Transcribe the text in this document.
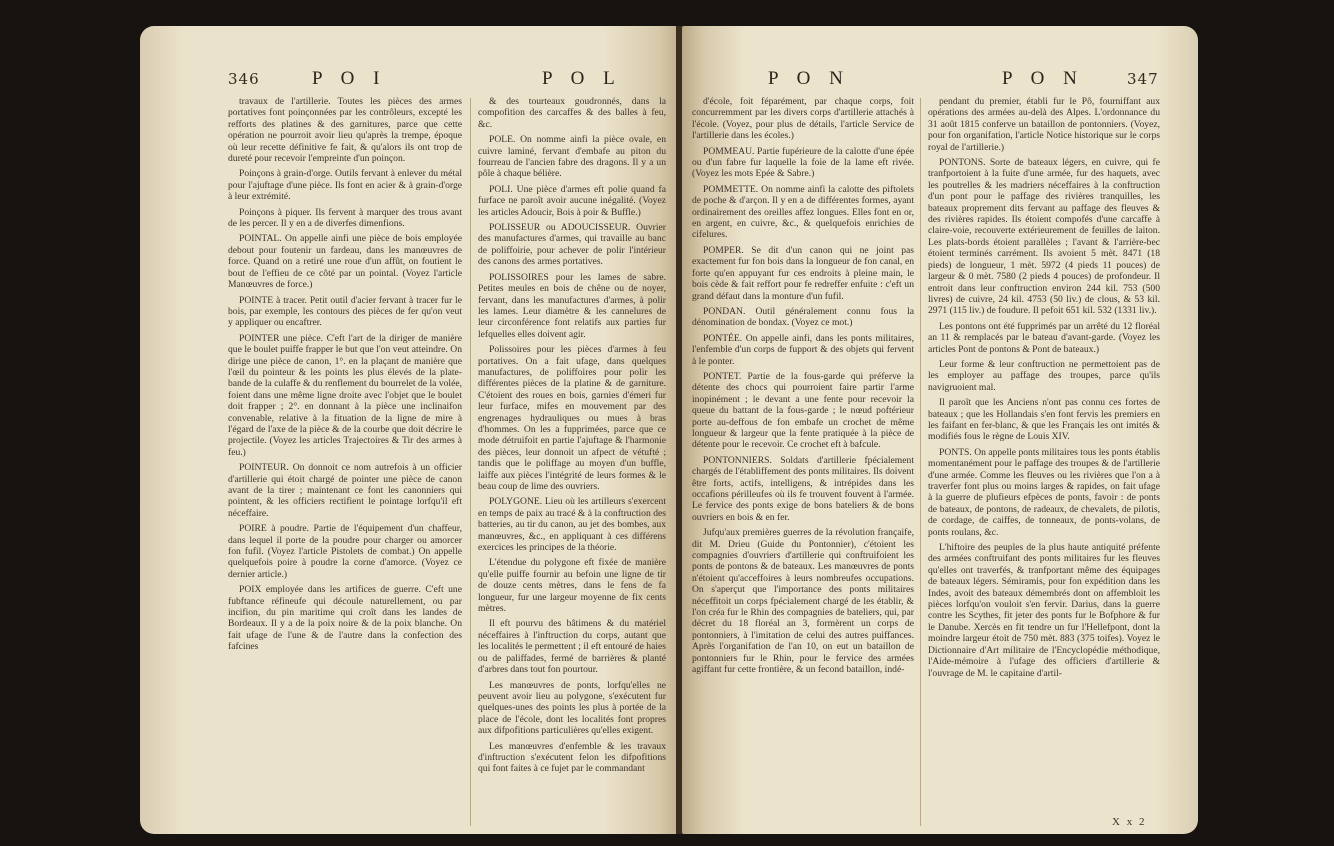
346	P O I	P O L

travaux de l'artillerie. Toutes les pièces des armes portatives font poinçonnées par les contrôleurs, excepté les refforts des platines & des garnitures, parce que cette opération ne pourroit avoir lieu qu'après la trempe, époque où leur recette définitive fe fait, & qu'alors ils ont trop de dureté pour recevoir l'empreinte d'un poinçon.

Poinçons à grain-d'orge. Outils fervant à enlever du métal pour l'ajuftage d'une pièce. Ils font en acier & à grain-d'orge à leur extrémité.

Poinçons à piquer. Ils fervent à marquer des trous avant de les percer. Il y en a de diverfes dimenfions.

POINTAL. On appelle ainfi une pièce de bois employée debout pour foutenir un fardeau, dans les manœuvres de force. Quand on a retiré une roue d'un affût, on foutient le bout de l'effieu de ce côté par un pointal. (Voyez l'article Manœuvres de force.)

POINTE à tracer. Petit outil d'acier fervant à tracer fur le bois, par exemple, les contours des pièces de fer qu'on veut y appliquer ou encaftrer.

POINTER une pièce. C'eft l'art de la diriger de manière que le boulet puiffe frapper le but que l'on veut atteindre. On dirige une pièce de canon, 1°. en la plaçant de manière que l'œil du pointeur & les points les plus élevés de la plate-bande de la culaffe & du renflement du bourrelet de la volée, foient dans une même ligne droite avec l'objet que le boulet doit frapper ; 2°. en donnant à la pièce une inclinaifon convenable, relative à la fituation de la ligne de mire à l'égard de l'axe de la pièce & de la courbe que doit décrire le projectile. (Voyez les articles Trajectoires & Tir des armes à feu.)

POINTEUR. On donnoit ce nom autrefois à un officier d'artillerie qui étoit chargé de pointer une pièce de canon avant de la tirer ; maintenant ce font les canonniers qui pointent, & les officiers rectifient le pointage lorfqu'il eft néceffaire.

POIRE à poudre. Partie de l'équipement d'un chaffeur, dans lequel il porte de la poudre pour charger ou amorcer fon fufil. (Voyez l'article Pistolets de combat.) On appelle quelquefois poire à poudre la corne d'amorce. (Voyez ce dernier article.)

POIX employée dans les artifices de guerre. C'eft une fubftance réfineufe qui découle naturellement, ou par incifion, du pin maritime qui croît dans les landes de Bordeaux. Il y a de la poix noire & de la poix blanche. On fait ufage de l'une & de l'autre dans la confection des fafcines

& des tourteaux goudronnés, dans la compofition des carcaffes & des balles à feu, &c.

POLE. On nomme ainfi la pièce ovale, en cuivre laminé, fervant d'embafe au piton du fourreau de l'ancien fabre des dragons. Il y a un pôle à chaque bélière.

POLI. Une pièce d'armes eft polie quand fa furface ne paroît avoir aucune inégalité. (Voyez les articles Adoucir, Bois à poir & Buffle.)

POLISSEUR ou ADOUCISSEUR. Ouvrier des manufactures d'armes, qui travaille au banc de poliffoirie, pour achever de polir l'intérieur des canons des armes portatives.

POLISSOIRES pour les lames de sabre. Petites meules en bois de chêne ou de noyer, fervant, dans les manufactures d'armes, à polir les lames. Leur diamètre & les cannelures de leur circonférence font relatifs aux parties fur lefquelles elles doivent agir.

Polissoires pour les pièces d'armes à feu portatives. On a fait ufage, dans quelques manufactures, de poliffoires pour polir les différentes pièces de la platine & de garniture. C'étoient des roues en bois, garnies d'émeri fur leur furface, mifes en mouvement par des engrenages hydrauliques ou mues à bras d'hommes. On les a fupprimées, parce que ce mode détruifoit en partie l'ajuftage & l'harmonie des pièces, leur donnoit un afpect de vétufté ; tandis que le poliffage au moyen d'un buffle, laiffe aux pièces l'intégrité de leurs formes & le beau coup de lime des ouvriers.

POLYGONE. Lieu où les artilleurs s'exercent en temps de paix au tracé & à la conftruction des batteries, au tir du canon, au jet des bombes, aux manœuvres, &c., en appliquant à ces différens exercices les principes de la théorie.

L'étendue du polygone eft fixée de manière qu'elle puiffe fournir au befoin une ligne de tir de douze cents mètres, dans le fens de fa longueur, fur une largeur moyenne de fix cents mètres.

Il eft pourvu des bâtimens & du matériel néceffaires à l'inftruction du corps, autant que les localités le permettent ; il eft entouré de haies ou de paliffades, fermé de barrières & planté d'arbres dans tout fon pourtour.

Les manœuvres de ponts, lorfqu'elles ne peuvent avoir lieu au polygone, s'exécutent fur quelques-unes des points les plus à portée de la place de l'école, dont les localités font propres aux difpofitions particulières qu'elles exigent.

Les manœuvres d'enfemble & les travaux d'inftruction s'exécutent felon les difpofitions qui font faites à ce fujet par le commandant

P O N	P O N	347

d'école, foit féparément, par chaque corps, foit concurremment par les divers corps d'artillerie attachés à l'école. (Voyez, pour plus de détails, l'article Service de l'artillerie dans les écoles.)

POMMEAU. Partie fupérieure de la calotte d'une épée ou d'un fabre fur laquelle la foie de la lame eft rivée. (Voyez les mots Epée & Sabre.)

POMMETTE. On nomme ainfi la calotte des piftolets de poche & d'arçon. Il y en a de différentes formes, ayant ordinairement des oreilles affez longues. Elles font en or, en argent, en cuivre, &c., & quelquefois enrichies de cifelures.

POMPER. Se dit d'un canon qui ne joint pas exactement fur fon bois dans la longueur de fon canal, en forte qu'en appuyant fur ces endroits à pleine main, le bois cède & fait reffort pour fe redreffer enfuite : c'eft un grand défaut dans la monture d'un fufil.

PONDAN. Outil généralement connu fous la dénomination de bondax. (Voyez ce mot.)

PONTÉE. On appelle ainfi, dans les ponts militaires, l'enfemble d'un corps de fupport & des objets qui fervent à le ponter.

PONTET. Partie de la fous-garde qui préferve la détente des chocs qui pourroient faire partir l'arme inopinément ; le devant a une fente pour recevoir la queue du battant de la fous-garde ; le nœud poftérieur porte au-deffous de fon embafe un crochet de même longueur & largeur que la fente pratiquée à la pièce de détente pour le recevoir. Ce crochet eft à bafcule.

PONTONNIERS. Soldats d'artillerie fpécialement chargés de l'établiffement des ponts militaires. Ils doivent être forts, actifs, intelligens, & intrépides dans les occafions périlleufes où ils fe trouvent fouvent à l'armée. Le fervice des ponts exige de bons bateliers & de bons ouvriers en bois & en fer.

Jufqu'aux premières guerres de la révolution françaife, dit M. Drieu (Guide du Pontonnier), c'étoient les compagnies d'ouvriers d'artillerie qui conftruifoient les ponts de pontons & de bateaux. Les manœuvres de ponts n'étoient qu'acceffoires à leurs nombreufes occupations. On s'aperçut que l'importance des ponts militaires néceffitoit un corps fpécialement chargé de les établir, & l'on créa fur le Rhin des compagnies de bateliers, qui, par décret du 18 floréal an 3, formèrent un corps de pontonniers, à l'imitation de celui des autres puiffances. Après l'organifation de l'an 10, on eut un bataillon de pontonniers fur le Rhin, pour le fervice des armées agiffant fur cette frontière, & un fecond bataillon, indé-

pendant du premier, établi fur le Pô, fourniffant aux opérations des armées au-delà des Alpes. L'ordonnance du 31 août 1815 conferve un bataillon de pontonniers. (Voyez, pour fon organifation, l'article Notice historique sur le corps royal de l'artillerie.)

PONTONS. Sorte de bateaux légers, en cuivre, qui fe tranfportoient à la fuite d'une armée, fur des haquets, avec les poutrelles & les madriers néceffaires à la conftruction d'un pont pour le paffage des rivières tranquilles, les bateaux proprement dits fervant au paffage des fleuves & des rivières rapides. Ils étoient compofés d'une carcaffe à claire-voie, recouverte extérieurement de feuilles de laiton. Les plats-bords étoient parallèles ; l'avant & l'arrière-bec étoient terminés carrément. Ils avoient 5 mèt. 8471 (18 pieds) de longueur, 1 mèt. 5972 (4 pieds 11 pouces) de largeur & 0 mèt. 7580 (2 pieds 4 pouces) de profondeur. Il entroit dans leur conftruction environ 244 kil. 753 (500 livres) de cuivre, 24 kil. 4753 (50 liv.) de clous, & 53 kil. 2971 (115 liv.) de foudure. Il pefoit 651 kil. 532 (1331 liv.).

Les pontons ont été fupprimés par un arrêté du 12 floréal an 11 & remplacés par le bateau d'avant-garde. (Voyez les articles Pont de pontons & Pont de bateaux.)

Leur forme & leur conftruction ne permettoient pas de les employer au paffage des troupes, parce qu'ils navigruoient mal.

Il paroît que les Anciens n'ont pas connu ces fortes de bateaux ; que les Hollandais s'en font fervis les premiers en les faifant en fer-blanc, & que les Français les ont imités & modifiés fous le règne de Louis XIV.

PONTS. On appelle ponts militaires tous les ponts établis momentanément pour le paffage des troupes & de l'artillerie d'une armée. Comme les fleuves ou les rivières que l'on a à traverfer font plus ou moins larges & rapides, on fait ufage à la guerre de plufieurs efpèces de ponts, favoir : de ponts de bateaux, de pontons, de radeaux, de chevalets, de pilotis, de cordage, de caiffes, de tonneaux, de ponts-volans, de ponts roulans, &c.

L'hiftoire des peuples de la plus haute antiquité préfente des armées conftruifant des ponts militaires fur les fleuves qu'elles ont traverfés, & tranfportant même des équipages de bateaux légers. Sémiramis, pour fon expédition dans les Indes, avoit des bateaux démembrés dont on affembloit les pièces lorfqu'on vouloit s'en fervir. Darius, dans la guerre contre les Scythes, fit jeter des ponts fur le Bofphore & fur le Danube. Xercès en fit tendre un fur l'Hellefpont, dont la moindre largeur étoit de 750 mèt. 883 (375 toifes). Voyez le Dictionnaire d'Art militaire de l'Encyclopédie méthodique, l'Aide-mémoire à l'ufage des officiers d'artillerie & l'ouvrage de M. le capitaine d'artil-

X x 2
